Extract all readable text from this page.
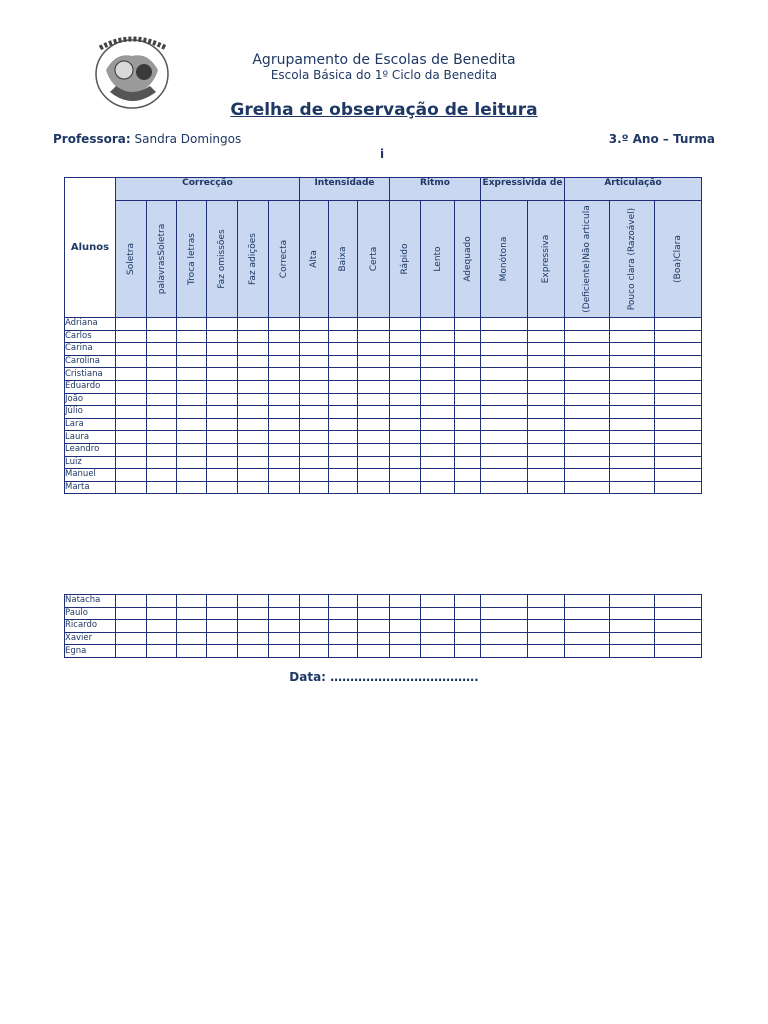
Agrupamento de Escolas de Benedita
Escola Básica do 1º Ciclo da Benedita
Grelha de observação de leitura
Professora: Sandra Domingos	3.º Ano – Turma
i
Alunos	Correcção						Intensidade			Ritmo			Expressivida de		Articulação		

	Soletra	palavrasSoletra	Troca letras	Faz omissões	Faz adições	Correcta	Alta	Baixa	Certa	Rápido	Lento	Adequado	Monótona	Expressiva	(Deficiente)Não articula	Pouco clara (Razoável)	(Boa)Clara

Adriana																	
Carlos																	
Carina																	
Carolina																	
Cristiana																	
Eduardo																	
João																	
Júlio																	
Lara																	
Laura																	
Leandro																	
Luiz																	
Manuel																	
Marta																	
Natacha																	
Paulo																	
Ricardo																	
Xavier																	
Egna																	
Data: ……………………………….
